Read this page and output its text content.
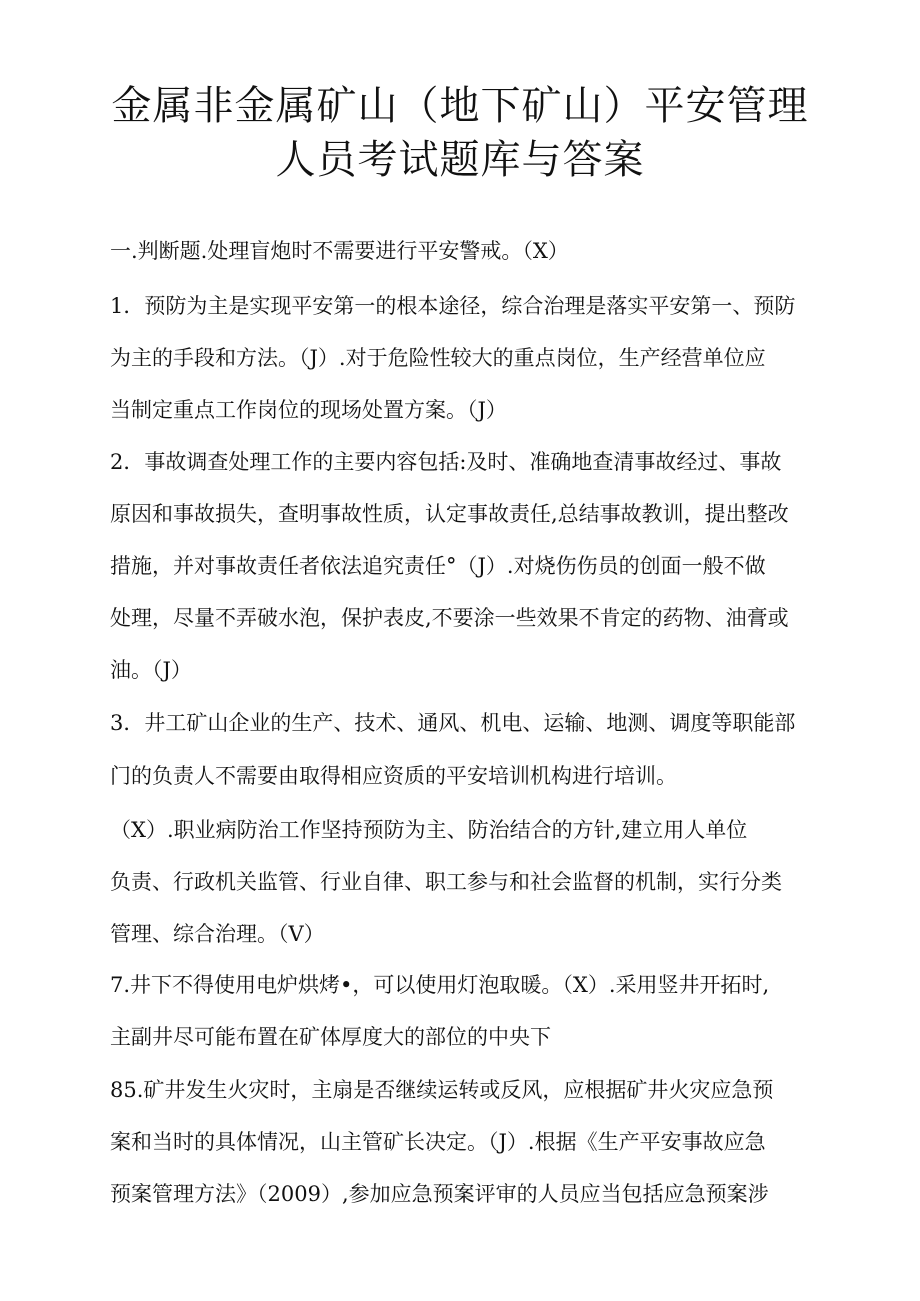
金属非金属矿山（地下矿山）平安管理
人员考试题库与答案
一.判断题.处理盲炮时不需要进行平安警戒。（X）
1．预防为主是实现平安第一的根本途径，综合治理是落实平安第一、预防
为主的手段和方法。（J）.对于危险性较大的重点岗位，生产经营单位应
当制定重点工作岗位的现场处置方案。（J）
2．事故调查处理工作的主要内容包括:及时、准确地查清事故经过、事故
原因和事故损失，查明事故性质，认定事故责任,总结事故教训，提出整改
措施，并对事故责任者依法追究责任°（J）.对烧伤伤员的创面一般不做
处理，尽量不弄破水泡，保护表皮,不要涂一些效果不肯定的药物、油膏或
油。（J）
3．井工矿山企业的生产、技术、通风、机电、运输、地测、调度等职能部
门的负责人不需要由取得相应资质的平安培训机构进行培训。
（X）.职业病防治工作坚持预防为主、防治结合的方针,建立用人单位
负责、行政机关监管、行业自律、职工参与和社会监督的机制，实行分类
管理、综合治理。（V）
7.井下不得使用电炉烘烤•，可以使用灯泡取暖。（X）.采用竖井开拓时,
主副井尽可能布置在矿体厚度大的部位的中央下
85.矿井发生火灾时，主扇是否继续运转或反风，应根据矿井火灾应急预
案和当时的具体情况，山主管矿长决定。（J）.根据《生产平安事故应急
预案管理方法》（2009）,参加应急预案评审的人员应当包括应急预案涉
